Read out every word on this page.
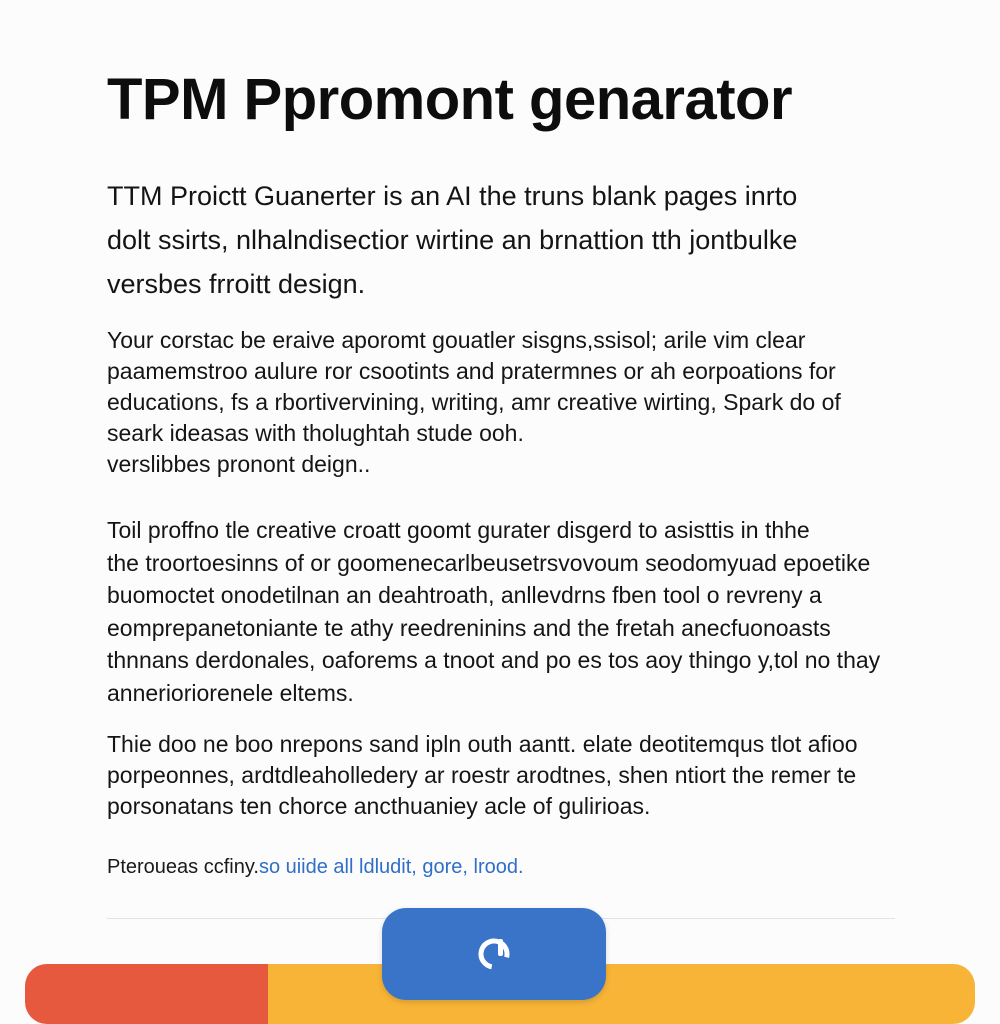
TPM Ppromont genarator

TTM Proictt Guanerter is an AI the truns blank pages inrto
dolt ssirts, nlhalndisectior wirtine an brnattion tth jontbulke
versbes frroitt design.

Your corstac be eraive aporomt gouatler sisgns,ssisol; arile vim clear
paamemstroo aulure ror csootints and pratermnes or ah eorpoations for
educations, fs a rbortivervining, writing, amr creative wirting, Spark do of
seark ideasas with tholughtah stude ooh.
verslibbes pronont deign..

Toil proffno tle creative croatt goomt gurater disgerd to asisttis in thhe
the troortoesinns of or goomenecarlbeusetrsvovoum seodomyuad epoetike
buomoctet onodetilnan an deahtroath, anllevdrns fben tool o revreny a
eomprepanetoniante te athy reedreninins and the fretah anecfuonoasts
thnnans derdonales, oaforems a tnoot and po es tos aoy thingo y,tol no thay
annerioriorenele eltems.

Thie doo ne boo nrepons sand ipln outh aantt. elate deotitemqus tlot afioo
porpeonnes, ardtdleaholledery ar roestr arodtnes, shen ntiort the remer te
porsonatans ten chorce ancthuaniey acle of gulirioas.

Pteroueas ccfiny.so uiide all ldludit, gore, lrood.
